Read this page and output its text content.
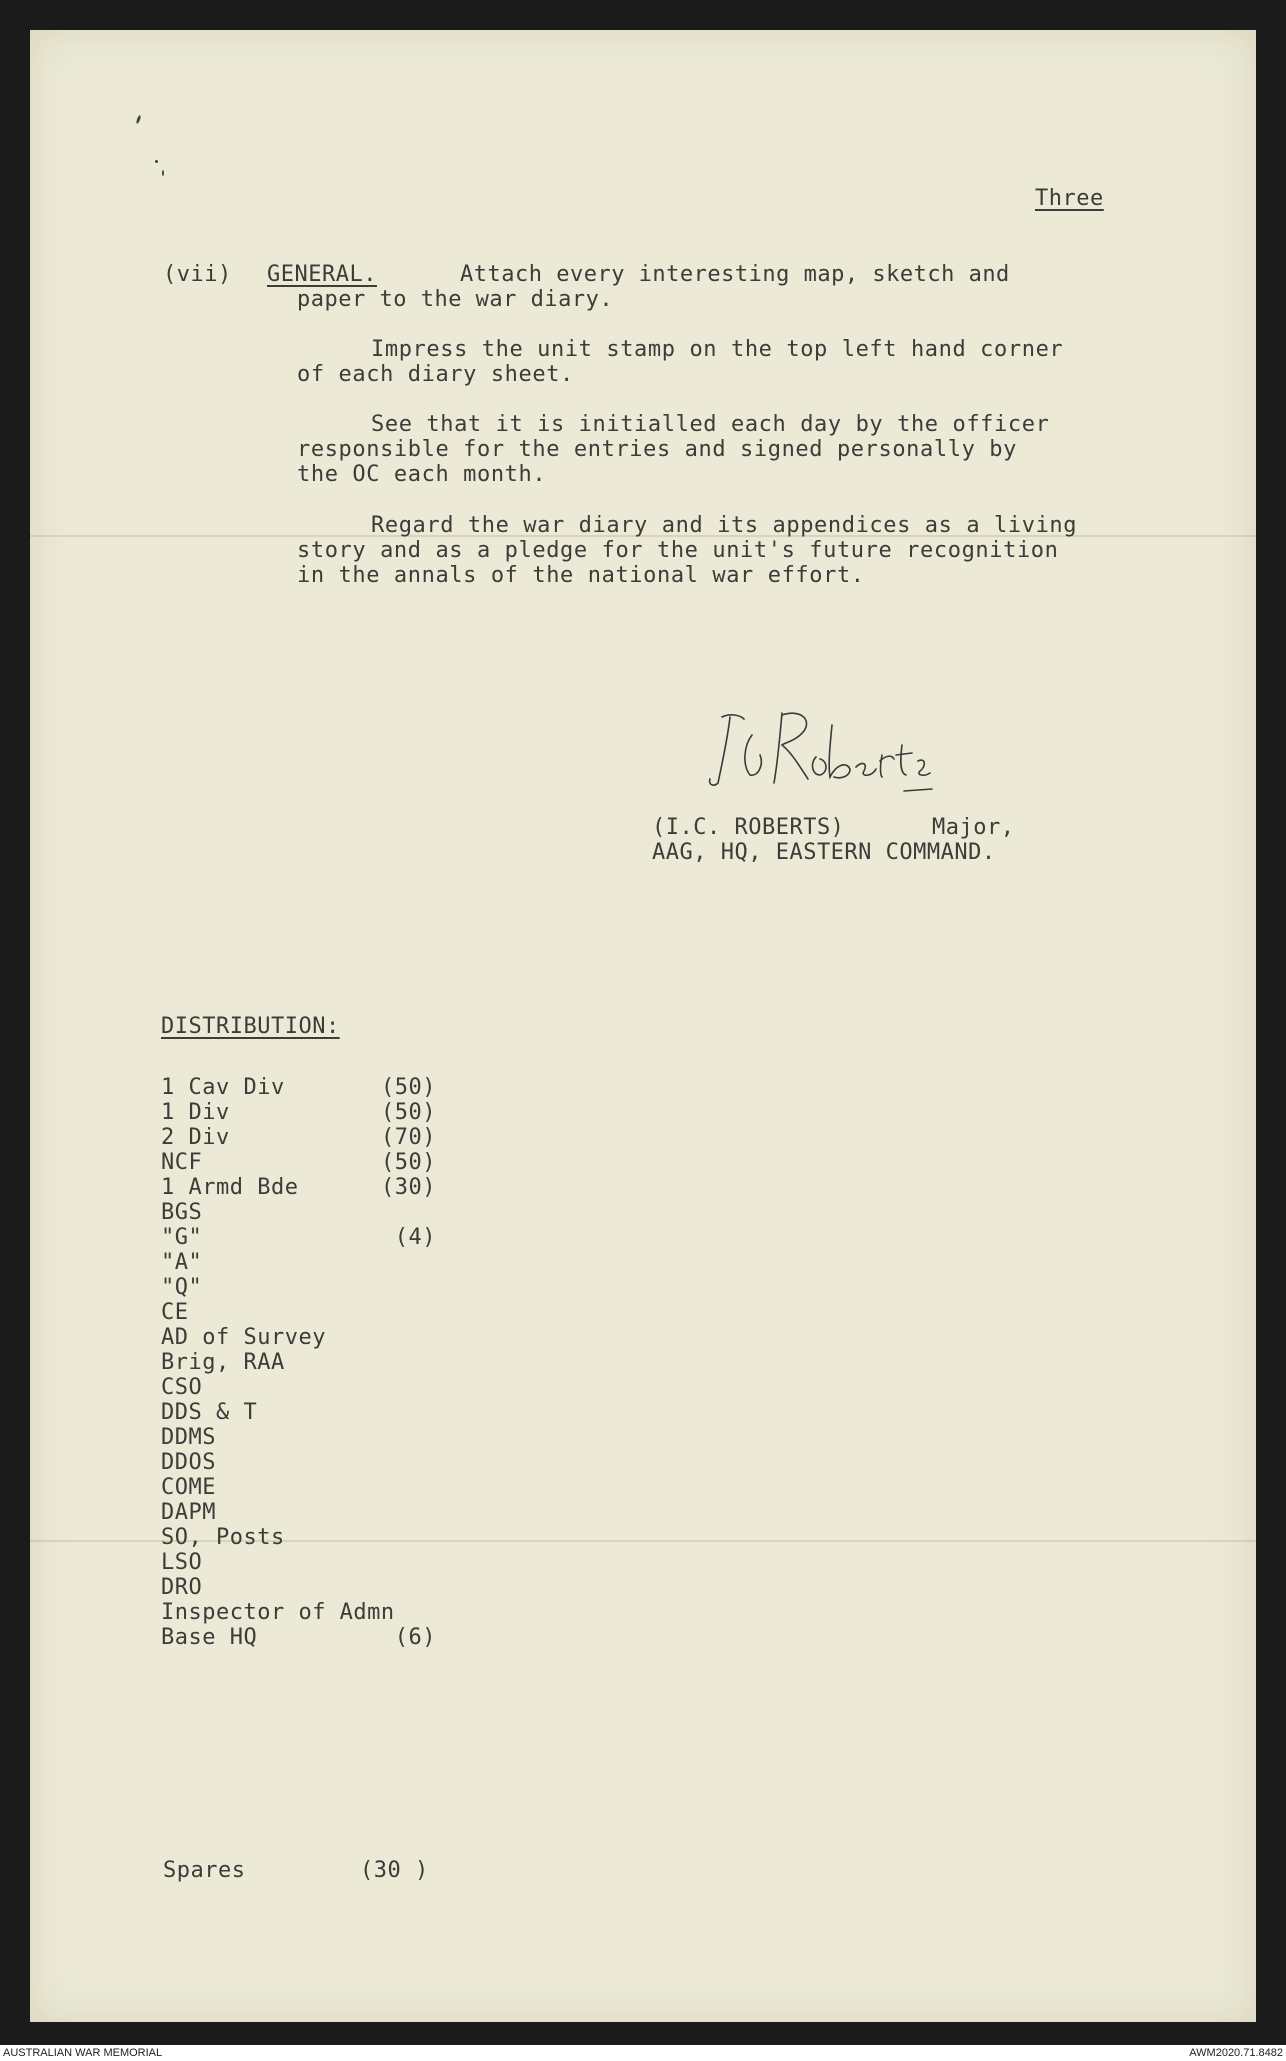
Three
(vii) GENERAL.	Attach every interesting map, sketch and
paper to the war diary.
Impress the unit stamp on the top left hand corner
of each diary sheet.
See that it is initialled each day by the officer
responsible for the entries and signed personally by
the OC each month.
Regard the war diary and its appendices as a living
story and as a pledge for the unit's future recognition
in the annals of the national war effort.
(I.C. ROBERTS)	Major,
AAG, HQ, EASTERN COMMAND.
DISTRIBUTION:
1 Cav Div	(50)
1 Div	(50)
2 Div	(70)
NCF	(50)
1 Armd Bde	(30)
BGS
"G"	(4)
"A"
"Q"
CE
AD of Survey
Brig, RAA
CSO
DDS & T
DDMS
DDOS
COME
DAPM
SO, Posts
LSO
DRO
Inspector of Admn
Base HQ	(6)
Spares	(30 )
AUSTRALIAN WAR MEMORIAL	AWM2020.71.8482
